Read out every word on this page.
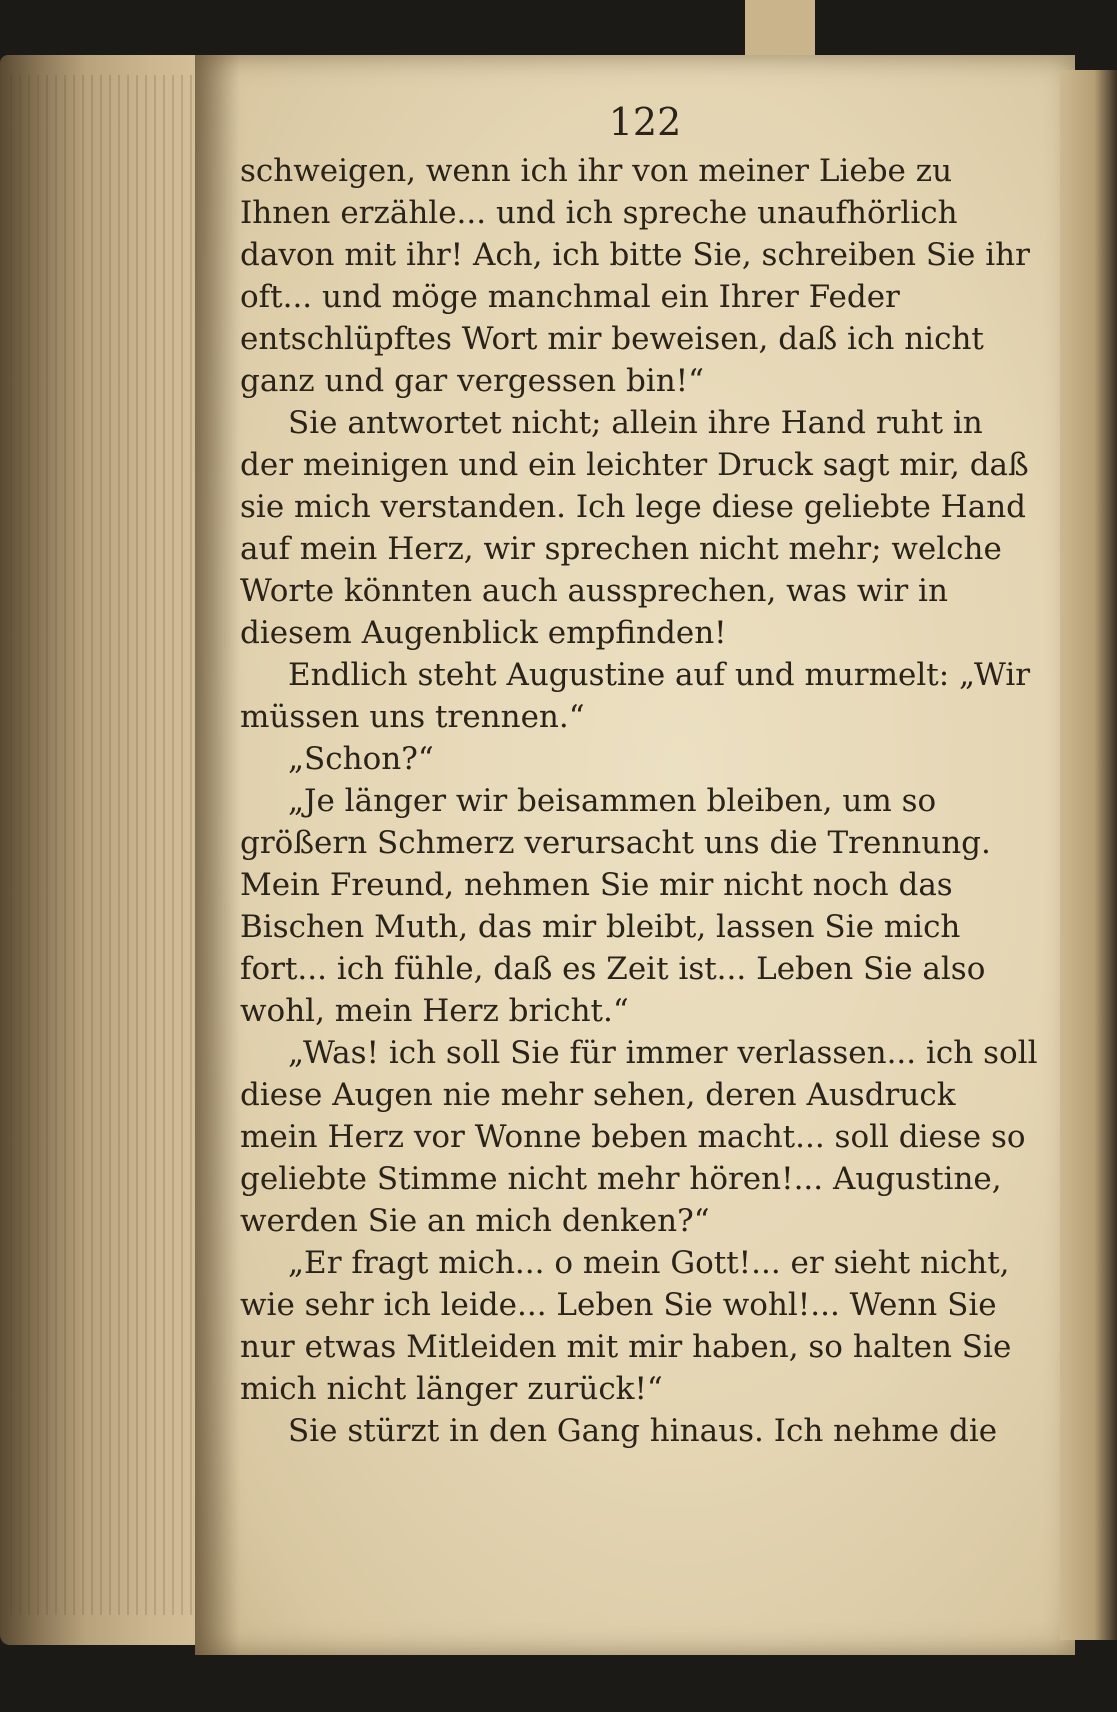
122

schweigen, wenn ich ihr von meiner Liebe zu Ihnen erzähle... und ich spreche unaufhörlich davon mit ihr! Ach, ich bitte Sie, schreiben Sie ihr oft... und möge manchmal ein Ihrer Feder entschlüpftes Wort mir beweisen, daß ich nicht ganz und gar vergessen bin!“

Sie antwortet nicht; allein ihre Hand ruht in der meinigen und ein leichter Druck sagt mir, daß sie mich verstanden. Ich lege diese geliebte Hand auf mein Herz, wir sprechen nicht mehr; welche Worte könnten auch aussprechen, was wir in diesem Augenblick empfinden!

Endlich steht Augustine auf und murmelt: „Wir müssen uns trennen.“

„Schon?“

„Je länger wir beisammen bleiben, um so größern Schmerz verursacht uns die Trennung. Mein Freund, nehmen Sie mir nicht noch das Bischen Muth, das mir bleibt, lassen Sie mich fort... ich fühle, daß es Zeit ist... Leben Sie also wohl, mein Herz bricht.“

„Was! ich soll Sie für immer verlassen... ich soll diese Augen nie mehr sehen, deren Ausdruck mein Herz vor Wonne beben macht... soll diese so geliebte Stimme nicht mehr hören!... Augustine, werden Sie an mich denken?“

„Er fragt mich... o mein Gott!... er sieht nicht, wie sehr ich leide... Leben Sie wohl!... Wenn Sie nur etwas Mitleiden mit mir haben, so halten Sie mich nicht länger zurück!“

Sie stürzt in den Gang hinaus. Ich nehme die
